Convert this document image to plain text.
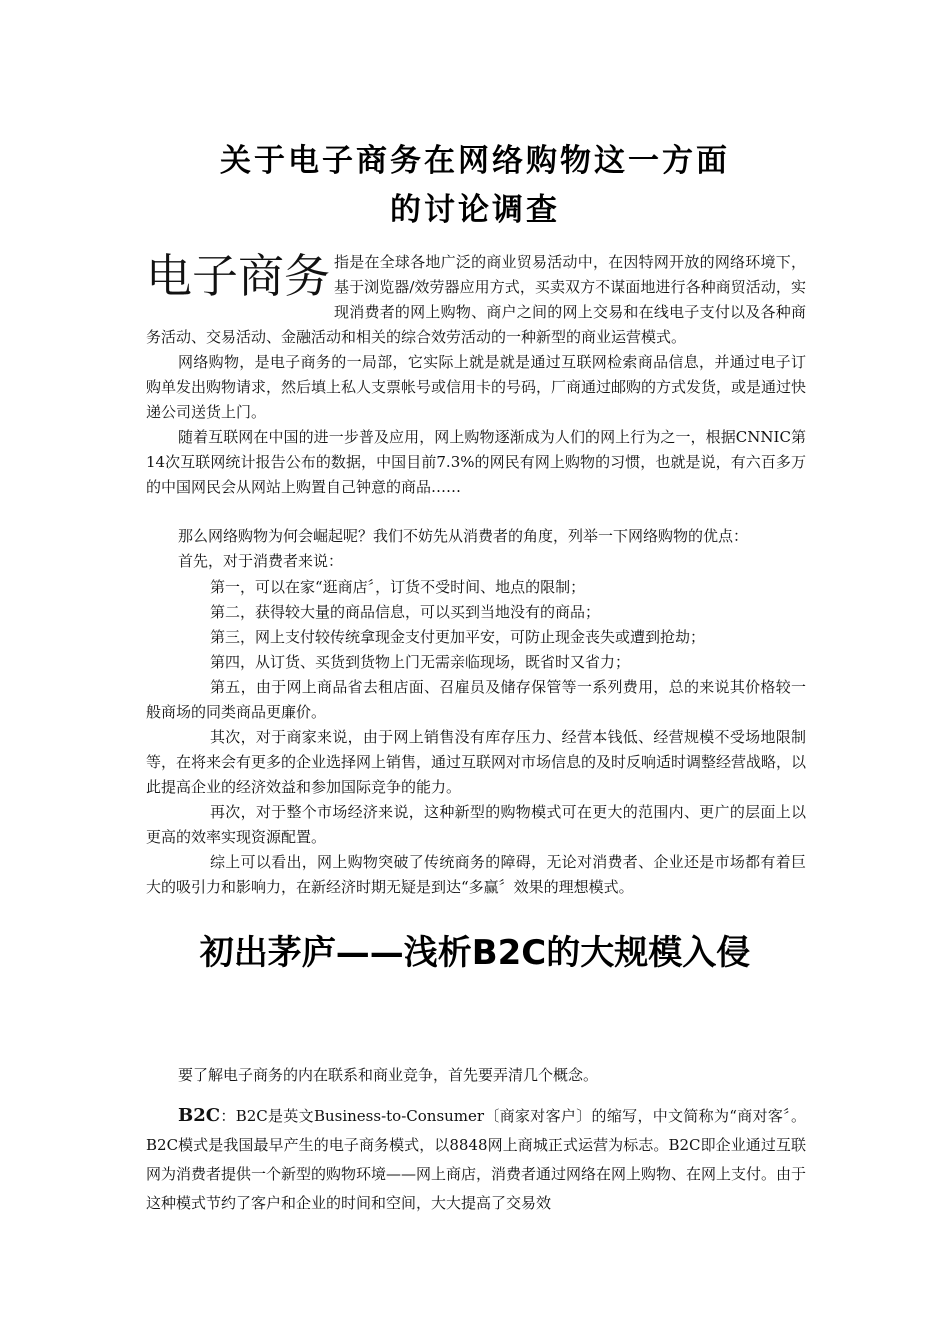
关于电子商务在网络购物这一方面
的讨论调查

电子商务 指是在全球各地广泛的商业贸易活动中，在因特网开放的网络环境下，基于浏览器/效劳器应用方式，买卖双方不谋面地进行各种商贸活动，实现消费者的网上购物、商户之间的网上交易和在线电子支付以及各种商务活动、交易活动、金融活动和相关的综合效劳活动的一种新型的商业运营模式。

网络购物，是电子商务的一局部，它实际上就是就是通过互联网检索商品信息，并通过电子订购单发出购物请求，然后填上私人支票帐号或信用卡的号码，厂商通过邮购的方式发货，或是通过快递公司送货上门。

随着互联网在中国的进一步普及应用，网上购物逐渐成为人们的网上行为之一，根据CNNIC第14次互联网统计报告公布的数据，中国目前7.3%的网民有网上购物的习惯，也就是说，有六百多万的中国网民会从网站上购置自己钟意的商品……

那么网络购物为何会崛起呢？我们不妨先从消费者的角度，列举一下网络购物的优点：

首先，对于消费者来说：

第一，可以在家“逛商店〞，订货不受时间、地点的限制；

第二，获得较大量的商品信息，可以买到当地没有的商品；

第三，网上支付较传统拿现金支付更加平安，可防止现金丧失或遭到抢劫；

第四，从订货、买货到货物上门无需亲临现场，既省时又省力；

第五，由于网上商品省去租店面、召雇员及储存保管等一系列费用，总的来说其价格较一般商场的同类商品更廉价。

其次，对于商家来说，由于网上销售没有库存压力、经营本钱低、经营规模不受场地限制等，在将来会有更多的企业选择网上销售，通过互联网对市场信息的及时反响适时调整经营战略，以此提高企业的经济效益和参加国际竞争的能力。

再次，对于整个市场经济来说，这种新型的购物模式可在更大的范围内、更广的层面上以更高的效率实现资源配置。

综上可以看出，网上购物突破了传统商务的障碍，无论对消费者、企业还是市场都有着巨大的吸引力和影响力，在新经济时期无疑是到达“多赢〞效果的理想模式。

初出茅庐——浅析B2C的大规模入侵

要了解电子商务的内在联系和商业竞争，首先要弄清几个概念。

B2C：B2C是英文Business-to-Consumer〔商家对客户〕的缩写，中文简称为“商对客〞。 B2C模式是我国最早产生的电子商务模式，以8848网上商城正式运营为标志。B2C即企业通过互联网为消费者提供一个新型的购物环境——网上商店，消费者通过网络在网上购物、在网上支付。由于这种模式节约了客户和企业的时间和空间，大大提高了交易效
